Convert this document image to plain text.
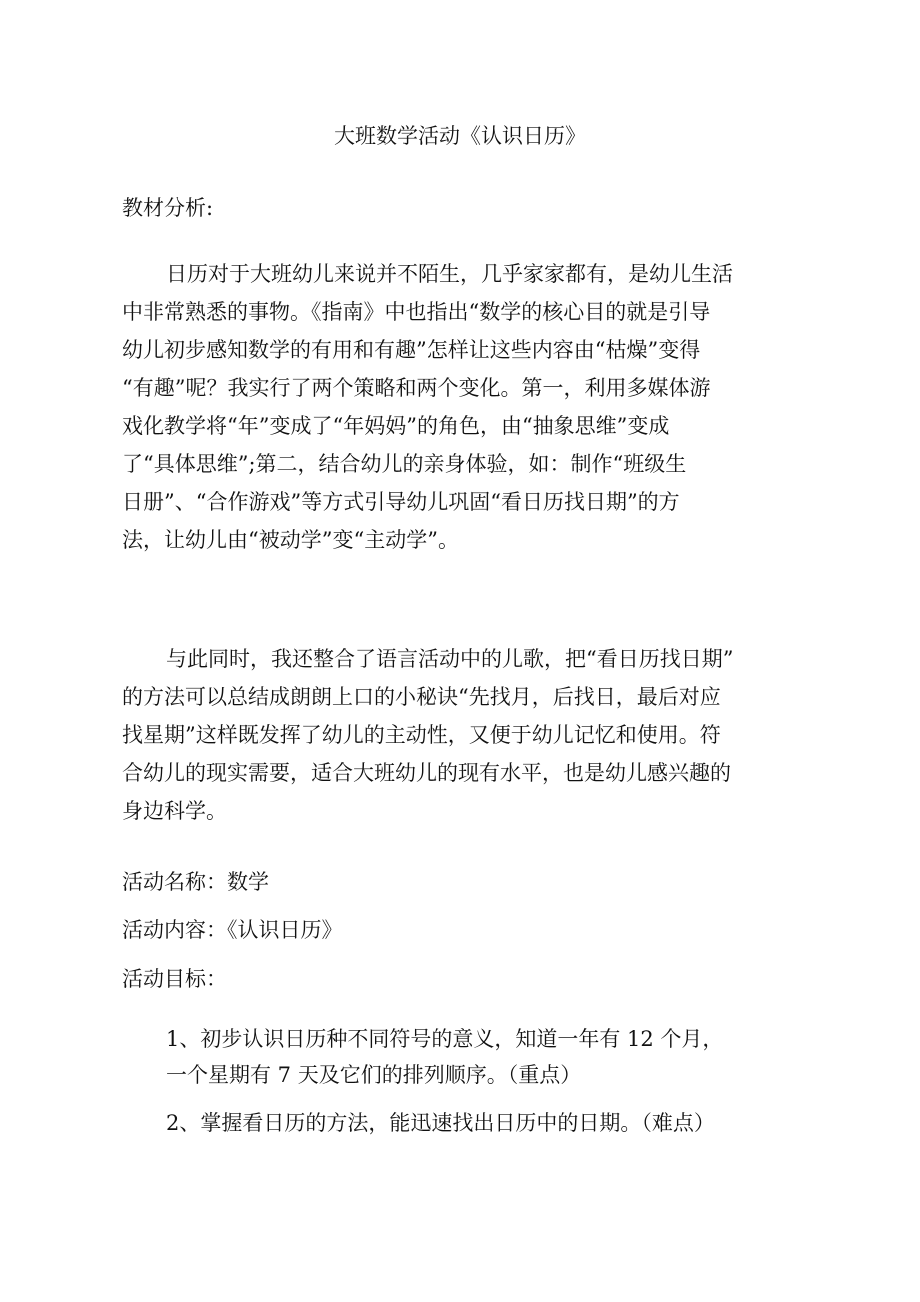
大班数学活动《认识日历》

教材分析:

日历对于大班幼儿来说并不陌生，几乎家家都有，是幼儿生活
中非常熟悉的事物。《指南》中也指出“数学的核心目的就是引导
幼儿初步感知数学的有用和有趣”怎样让这些内容由“枯燥”变得
“有趣”呢？我实行了两个策略和两个变化。第一，利用多媒体游
戏化教学将“年”变成了“年妈妈”的角色，由“抽象思维”变成
了“具体思维”;第二，结合幼儿的亲身体验，如：制作“班级生
日册”、“合作游戏”等方式引导幼儿巩固“看日历找日期”的方
法，让幼儿由“被动学”变“主动学”。

与此同时，我还整合了语言活动中的儿歌，把“看日历找日期”
的方法可以总结成朗朗上口的小秘诀“先找月，后找日，最后对应
找星期”这样既发挥了幼儿的主动性，又便于幼儿记忆和使用。符
合幼儿的现实需要，适合大班幼儿的现有水平，也是幼儿感兴趣的
身边科学。

活动名称：数学

活动内容：《认识日历》

活动目标：

1、初步认识日历种不同符号的意义，知道一年有 12 个月，
一个星期有 7 天及它们的排列顺序。（重点）

2、掌握看日历的方法，能迅速找出日历中的日期。（难点）
